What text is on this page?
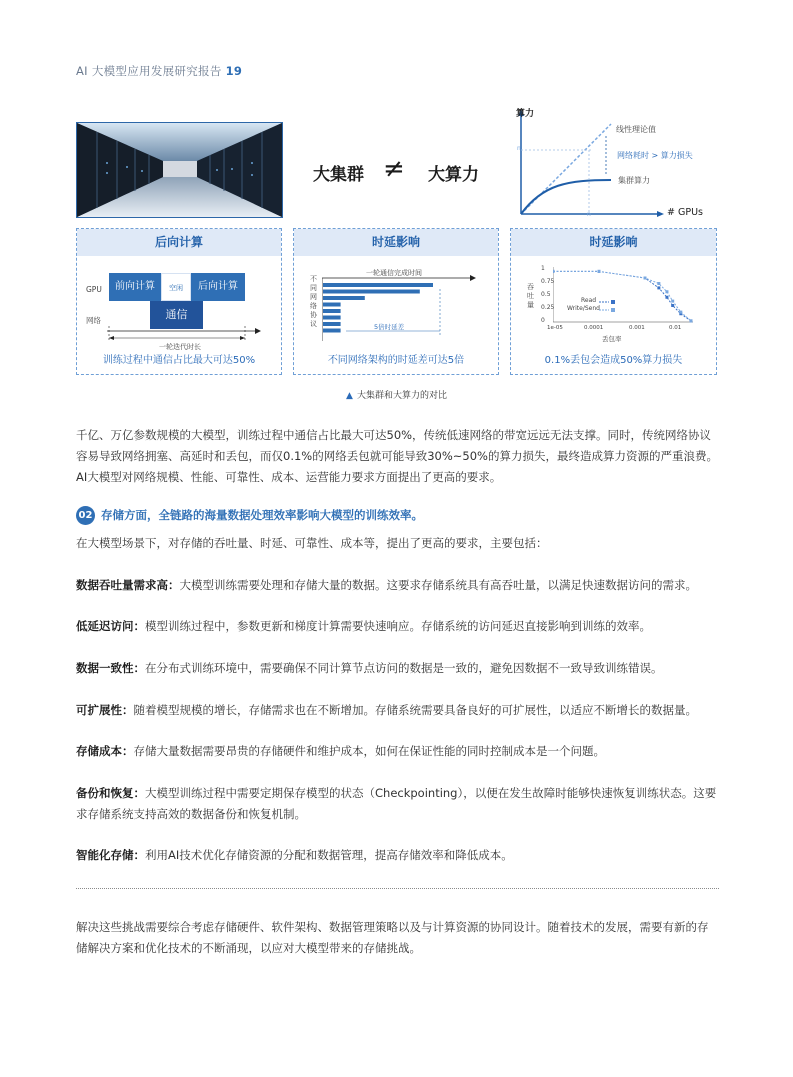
AI 大模型应用发展研究报告 19
大集群 ≠ 大算力
算力
# GPUs
线性理论值
网络耗时 > 算力损失
集群算力
n
n
后向计算
GPU
网络
前向计算	空闲	后向计算
通信
一轮迭代时长
训练过程中通信占比最大可达50%
时延影响
一轮通信完成时间
不同网络协议	5倍时延差
不同网络架构的时延差可达5倍
时延影响
吞吐量
1
0.75
0.5
0.25
0
1e-05	0.0001	0.001	0.01
丢包率
Read
Write/Send
0.1%丢包会造成50%算力损失
▲ 大集群和大算力的对比
千亿、万亿参数规模的大模型，训练过程中通信占比最大可达50%，传统低速网络的带宽远远无法支撑。同时，传统网络协议容易导致网络拥塞、高延时和丢包，而仅0.1%的网络丢包就可能导致30%~50%的算力损失，最终造成算力资源的严重浪费。AI大模型对网络规模、性能、可靠性、成本、运营能力要求方面提出了更高的要求。
02 存储方面，全链路的海量数据处理效率影响大模型的训练效率。
在大模型场景下，对存储的吞吐量、时延、可靠性、成本等，提出了更高的要求，主要包括：
数据吞吐量需求高：大模型训练需要处理和存储大量的数据。这要求存储系统具有高吞吐量，以满足快速数据访问的需求。
低延迟访问：模型训练过程中，参数更新和梯度计算需要快速响应。存储系统的访问延迟直接影响到训练的效率。
数据一致性：在分布式训练环境中，需要确保不同计算节点访问的数据是一致的，避免因数据不一致导致训练错误。
可扩展性：随着模型规模的增长，存储需求也在不断增加。存储系统需要具备良好的可扩展性，以适应不断增长的数据量。
存储成本：存储大量数据需要昂贵的存储硬件和维护成本，如何在保证性能的同时控制成本是一个问题。
备份和恢复：大模型训练过程中需要定期保存模型的状态（Checkpointing），以便在发生故障时能够快速恢复训练状态。这要求存储系统支持高效的数据备份和恢复机制。
智能化存储：利用AI技术优化存储资源的分配和数据管理，提高存储效率和降低成本。
解决这些挑战需要综合考虑存储硬件、软件架构、数据管理策略以及与计算资源的协同设计。随着技术的发展，需要有新的存储解决方案和优化技术的不断涌现，以应对大模型带来的存储挑战。
